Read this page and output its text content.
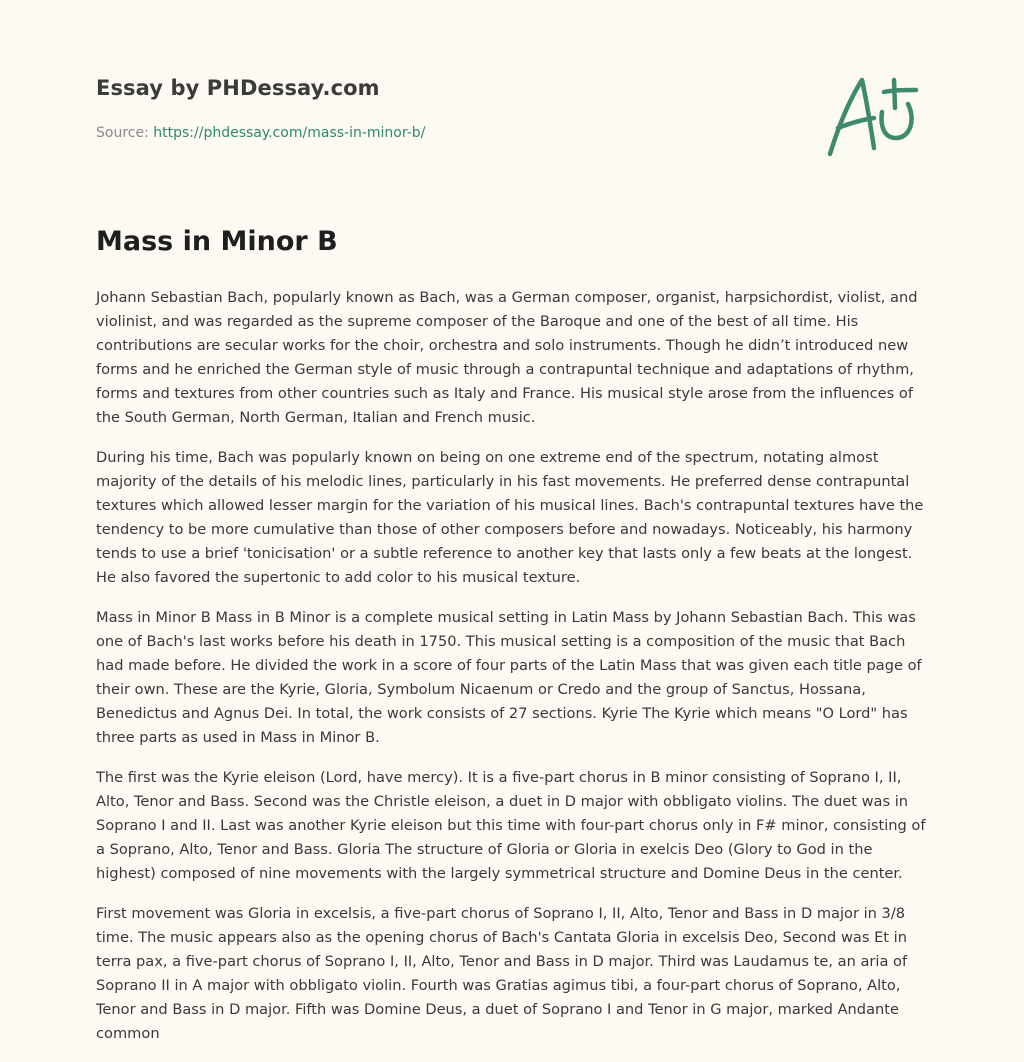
Essay by PHDessay.com
Source: https://phdessay.com/mass-in-minor-b/
Mass in Minor B

Johann Sebastian Bach, popularly known as Bach, was a German composer, organist, harpsichordist, violist, and violinist, and was regarded as the supreme composer of the Baroque and one of the best of all time. His contributions are secular works for the choir, orchestra and solo instruments. Though he didn’t introduced new forms and he enriched the German style of music through a contrapuntal technique and adaptations of rhythm, forms and textures from other countries such as Italy and France. His musical style arose from the influences of the South German, North German, Italian and French music.

During his time, Bach was popularly known on being on one extreme end of the spectrum, notating almost majority of the details of his melodic lines, particularly in his fast movements. He preferred dense contrapuntal textures which allowed lesser margin for the variation of his musical lines. Bach's contrapuntal textures have the tendency to be more cumulative than those of other composers before and nowadays. Noticeably, his harmony tends to use a brief 'tonicisation' or a subtle reference to another key that lasts only a few beats at the longest. He also favored the supertonic to add color to his musical texture.

Mass in Minor B Mass in B Minor is a complete musical setting in Latin Mass by Johann Sebastian Bach. This was one of Bach's last works before his death in 1750. This musical setting is a composition of the music that Bach had made before. He divided the work in a score of four parts of the Latin Mass that was given each title page of their own. These are the Kyrie, Gloria, Symbolum Nicaenum or Credo and the group of Sanctus, Hossana, Benedictus and Agnus Dei. In total, the work consists of 27 sections. Kyrie The Kyrie which means "O Lord" has three parts as used in Mass in Minor B.

The first was the Kyrie eleison (Lord, have mercy). It is a five-part chorus in B minor consisting of Soprano I, II, Alto, Tenor and Bass. Second was the Christle eleison, a duet in D major with obbligato violins. The duet was in Soprano I and II. Last was another Kyrie eleison but this time with four-part chorus only in F# minor, consisting of a Soprano, Alto, Tenor and Bass. Gloria The structure of Gloria or Gloria in exelcis Deo (Glory to God in the highest) composed of nine movements with the largely symmetrical structure and Domine Deus in the center.

First movement was Gloria in excelsis, a five-part chorus of Soprano I, II, Alto, Tenor and Bass in D major in 3/8 time. The music appears also as the opening chorus of Bach's Cantata Gloria in excelsis Deo, Second was Et in terra pax, a five-part chorus of Soprano I, II, Alto, Tenor and Bass in D major. Third was Laudamus te, an aria of Soprano II in A major with obbligato violin. Fourth was Gratias agimus tibi, a four-part chorus of Soprano, Alto, Tenor and Bass in D major. Fifth was Domine Deus, a duet of Soprano I and Tenor in G major, marked Andante common
